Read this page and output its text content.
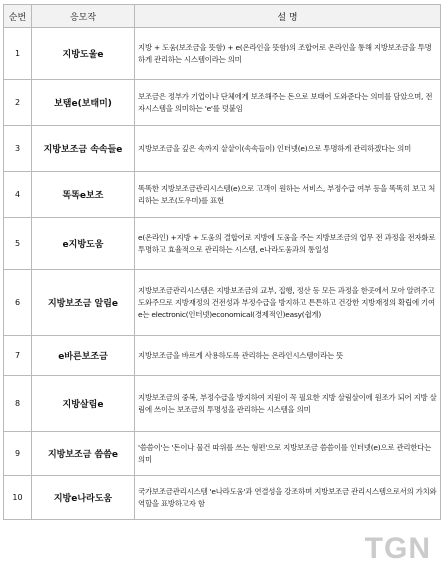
순번	응모작	설 명
1	지방도울e	지방 + 도움(보조금을 뜻함) + e(온라인을 뜻함)의 조합어로 온라인을 통해 지방보조금을 투명하게 관리하는 시스템이라는 의미
2	보탬e(보태미)	보조금은 정부가 기업이나 단체에게 보조해주는 돈으로 보태어 도와준다는 의미를 담았으며, 전자시스템을 의미하는 'e'를 덧붙임
3	지방보조금 속속들e	지방보조금을 깊은 속까지 샅샅이(속속들이) 인터넷(e)으로 투명하게 관리하겠다는 의미
4	똑똑e보조	똑똑한 지방보조금관리시스템(e)으로 고객이 원하는 서비스, 부정수급 여부 등을 똑똑히 보고 처리하는 보조(도우미)를 표현
5	e지방도움	e(온라인) +지방 + 도움의 결합어로 지방에 도움을 주는 지방보조금의 업무 전 과정을 전자화로 투명하고 효율적으로 관리하는 시스템, e나라도움과의 통일성
6	지방보조금 알림e	지방보조금관리시스템은 지방보조금의 교부, 집행, 정산 등 모든 과정을 한곳에서 모아 알려주고 도와주므로 지방재정의 건전성과 부정수급을 방지하고 튼튼하고 건강한 지방재정의 확립에 기여 e는 electronic(인터넷)economical(경제적인)easy(쉽게)
7	e바른보조금	지방보조금을 바르게 사용하도록 관리하는 온라인시스템이라는 뜻
8	지방살림e	지방보조금의 중복, 부정수급을 방지하여 지원이 꼭 필요한 지방 살림살이에 원조가 되어 지방 살림에 쓰이는 보조금의 투명성을 관리하는 시스템을 의미
9	지방보조금 씀씀e	'씀씀이'는 '돈이나 물건 따위를 쓰는 형편'으로 지방보조금 씀씀이를 인터넷(e)으로 관리한다는 의미
10	지방e나라도움	국가보조금관리시스템 'e나라도움'과 연결성을 강조하며 지방보조금 관리시스템으로서의 가치와 역할을 표방하고자 함
TGN
